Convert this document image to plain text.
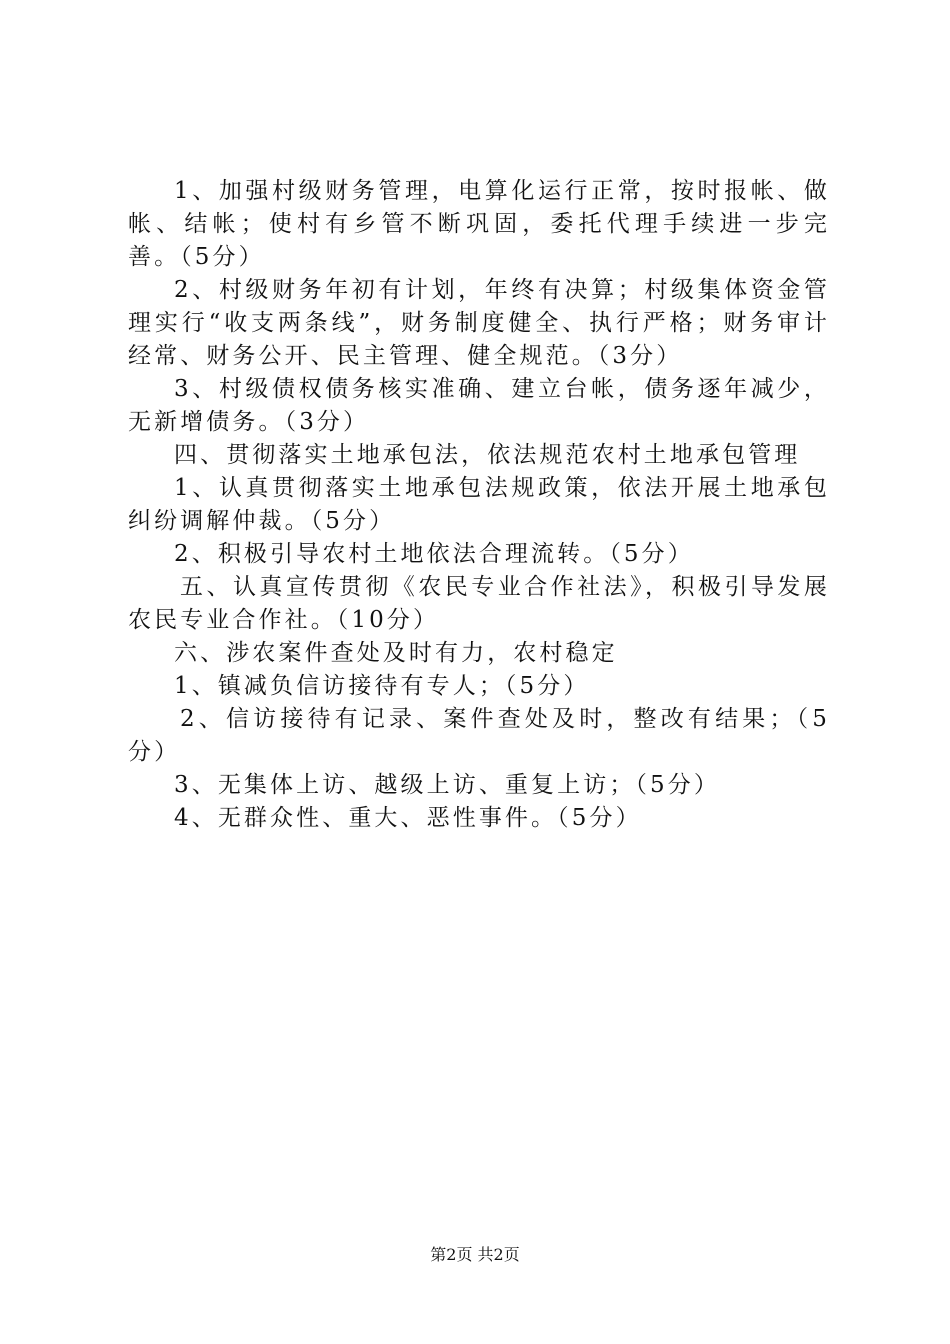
1、加强村级财务管理，电算化运行正常，按时报帐、做帐、结帐；使村有乡管不断巩固，委托代理手续进一步完善。（5分）

2、村级财务年初有计划，年终有决算；村级集体资金管理实行“收支两条线”，财务制度健全、执行严格；财务审计经常、财务公开、民主管理、健全规范。（3分）

3、村级债权债务核实准确、建立台帐，债务逐年减少，无新增债务。（3分）

四、贯彻落实土地承包法，依法规范农村土地承包管理

1、认真贯彻落实土地承包法规政策，依法开展土地承包纠纷调解仲裁。（5分）

2、积极引导农村土地依法合理流转。（5分）

五、认真宣传贯彻《农民专业合作社法》，积极引导发展农民专业合作社。（10分）

六、涉农案件查处及时有力，农村稳定

1、镇减负信访接待有专人；（5分）

2、信访接待有记录、案件查处及时，整改有结果；（5分）

3、无集体上访、越级上访、重复上访；（5分）

4、无群众性、重大、恶性事件。（5分）

第2页 共2页
